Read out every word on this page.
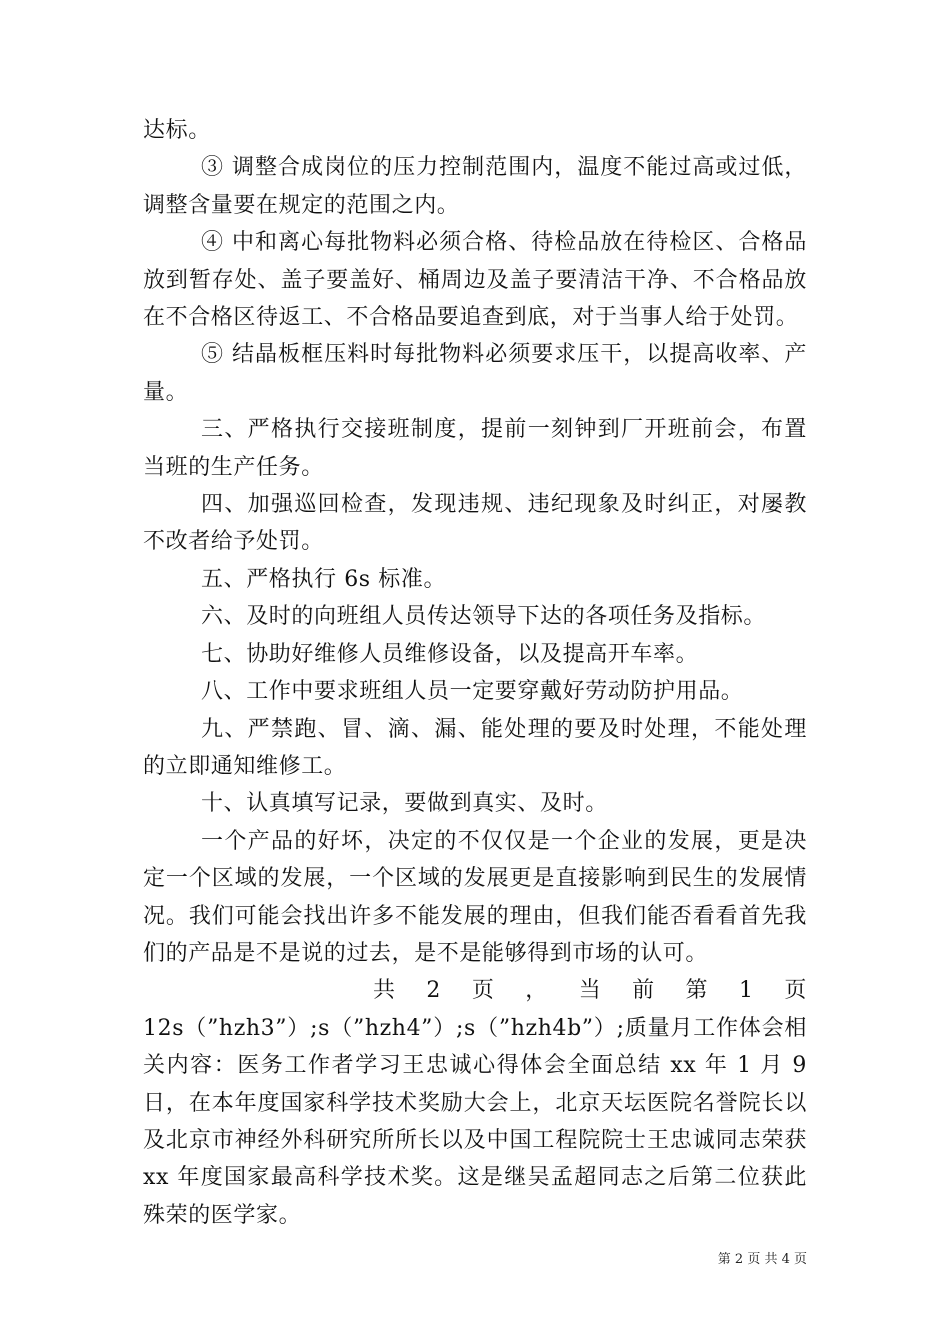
达标。

③ 调整合成岗位的压力控制范围内，温度不能过高或过低，调整含量要在规定的范围之内。

④ 中和离心每批物料必须合格、待检品放在待检区、合格品放到暂存处、盖子要盖好、桶周边及盖子要清洁干净、不合格品放在不合格区待返工、不合格品要追查到底，对于当事人给于处罚。

⑤ 结晶板框压料时每批物料必须要求压干，以提高收率、产量。

三、严格执行交接班制度，提前一刻钟到厂开班前会，布置当班的生产任务。

四、加强巡回检查，发现违规、违纪现象及时纠正，对屡教不改者给予处罚。

五、严格执行 6s 标准。

六、及时的向班组人员传达领导下达的各项任务及指标。

七、协助好维修人员维修设备，以及提高开车率。

八、工作中要求班组人员一定要穿戴好劳动防护用品。

九、严禁跑、冒、滴、漏、能处理的要及时处理，不能处理的立即通知维修工。

十、认真填写记录，要做到真实、及时。

一个产品的好坏，决定的不仅仅是一个企业的发展，更是决定一个区域的发展，一个区域的发展更是直接影响到民生的发展情况。我们可能会找出许多不能发展的理由，但我们能否看看首先我们的产品是不是说的过去，是不是能够得到市场的认可。

共 2 页 ， 当 前 第 1 页

12s（”hzh3”）;s（”hzh4”）;s（”hzh4b”）;质量月工作体会相关内容：医务工作者学习王忠诚心得体会全面总结 xx 年 1 月 9 日，在本年度国家科学技术奖励大会上，北京天坛医院名誉院长以及北京市神经外科研究所所长以及中国工程院院士王忠诚同志荣获 xx 年度国家最高科学技术奖。这是继吴孟超同志之后第二位获此殊荣的医学家。

第 2 页 共 4 页
